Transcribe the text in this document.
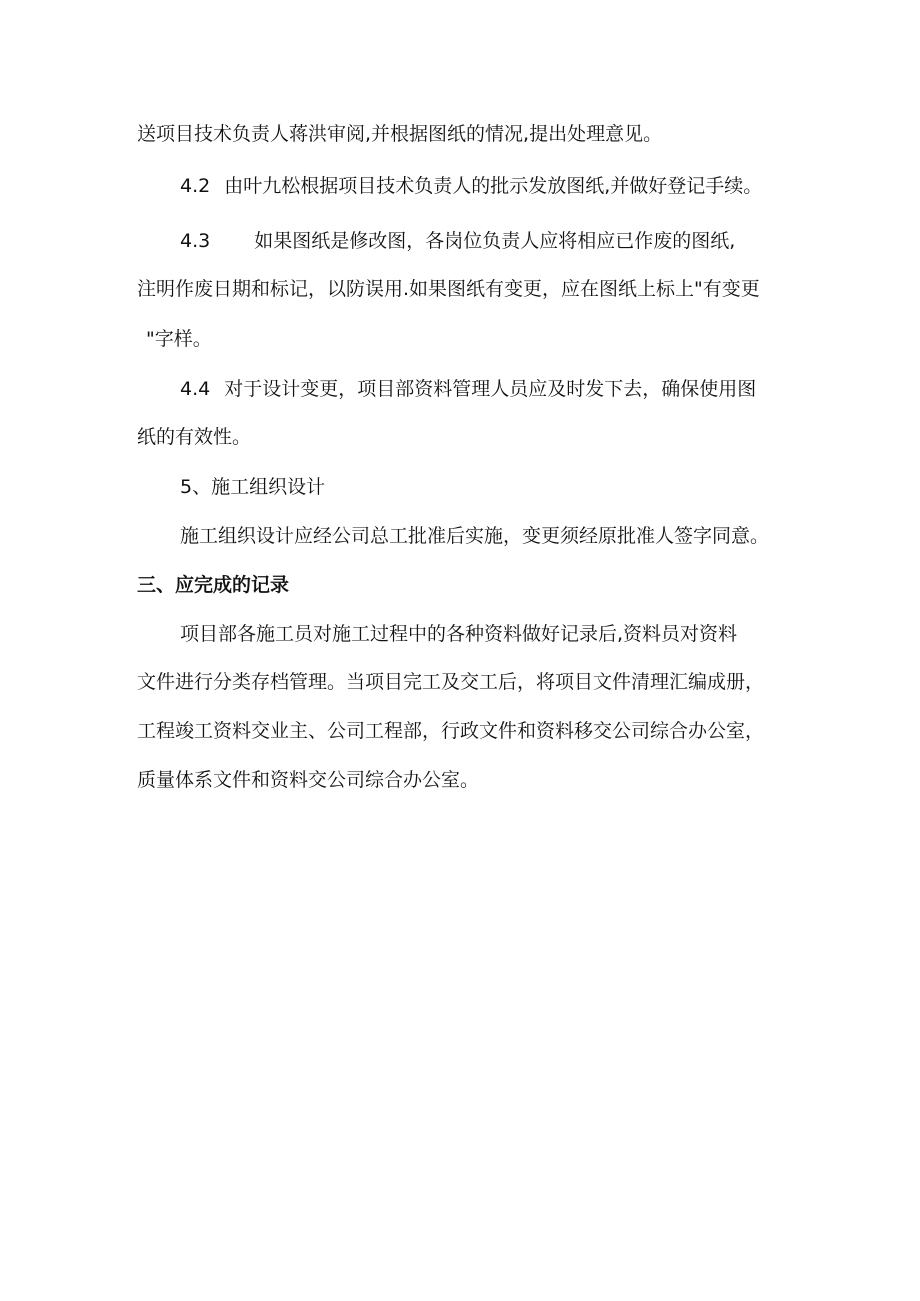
送项目技术负责人蒋洪审阅,并根据图纸的情况,提出处理意见。

4.2 由叶九松根据项目技术负责人的批示发放图纸,并做好登记手续。

4.3 如果图纸是修改图，各岗位负责人应将相应已作废的图纸,

注明作废日期和标记，以防误用.如果图纸有变更，应在图纸上标上"有变更

"字样。

4.4 对于设计变更，项目部资料管理人员应及时发下去，确保使用图

纸的有效性。

5、施工组织设计

施工组织设计应经公司总工批准后实施，变更须经原批准人签字同意。

三、应完成的记录

项目部各施工员对施工过程中的各种资料做好记录后,资料员对资料

文件进行分类存档管理。当项目完工及交工后，将项目文件清理汇编成册，

工程竣工资料交业主、公司工程部，行政文件和资料移交公司综合办公室，

质量体系文件和资料交公司综合办公室。
